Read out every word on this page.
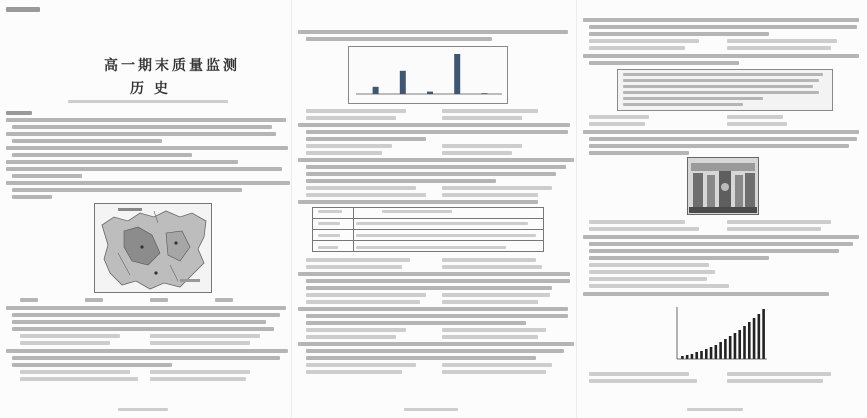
高一期末质量监测
历史
